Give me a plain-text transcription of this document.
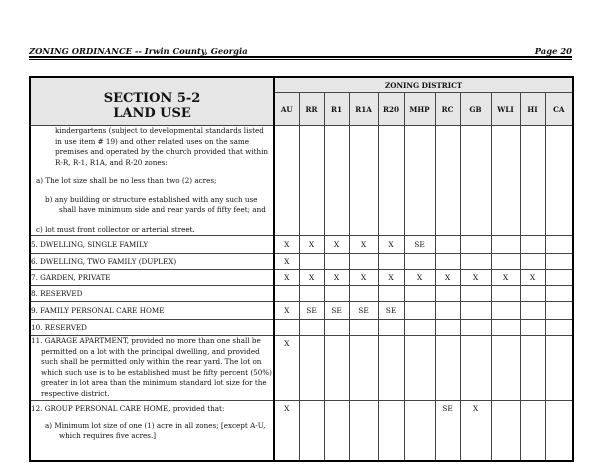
ZONING ORDINANCE -- Irwin County, Georgia	Page 20
SECTION 5-2
LAND USE	ZONING DISTRICT										
	AU	RR	R1	R1A	R20	MHP	RC	GB	WLI	HI	CA

kindergartens (subject to developmental standards listed in use item # 19) and other related uses on the same premises and operated by the church provided that within R-R, R-1, R1A, and R-20 zones:

a) The lot size shall be no less than two (2) acres;

b) any building or structure established with any such use shall have minimum side and rear yards of fifty feet; and

c) lot must front collector or arterial street.											

5. DWELLING, SINGLE FAMILY	X	X	X	X	X	SE					
6. DWELLING, TWO FAMILY (DUPLEX)	X										
7. GARDEN, PRIVATE	X	X	X	X	X	X	X	X	X	X	
8. RESERVED											
9. FAMILY PERSONAL CARE HOME	X	SE	SE	SE	SE						
10. RESERVED											

11. GARAGE APARTMENT, provided no more than one shall be permitted on a lot with the principal dwelling, and provided such shall be permitted only within the rear yard. The lot on which such use is to be established must be fifty percent (50%) greater in lot area than the minimum standard lot size for the respective district.	X										

12. GROUP PERSONAL CARE HOME, provided that:

a) Minimum lot size of one (1) acre in all zones; [except A-U, which requires five acres.]	X						SE	X			
